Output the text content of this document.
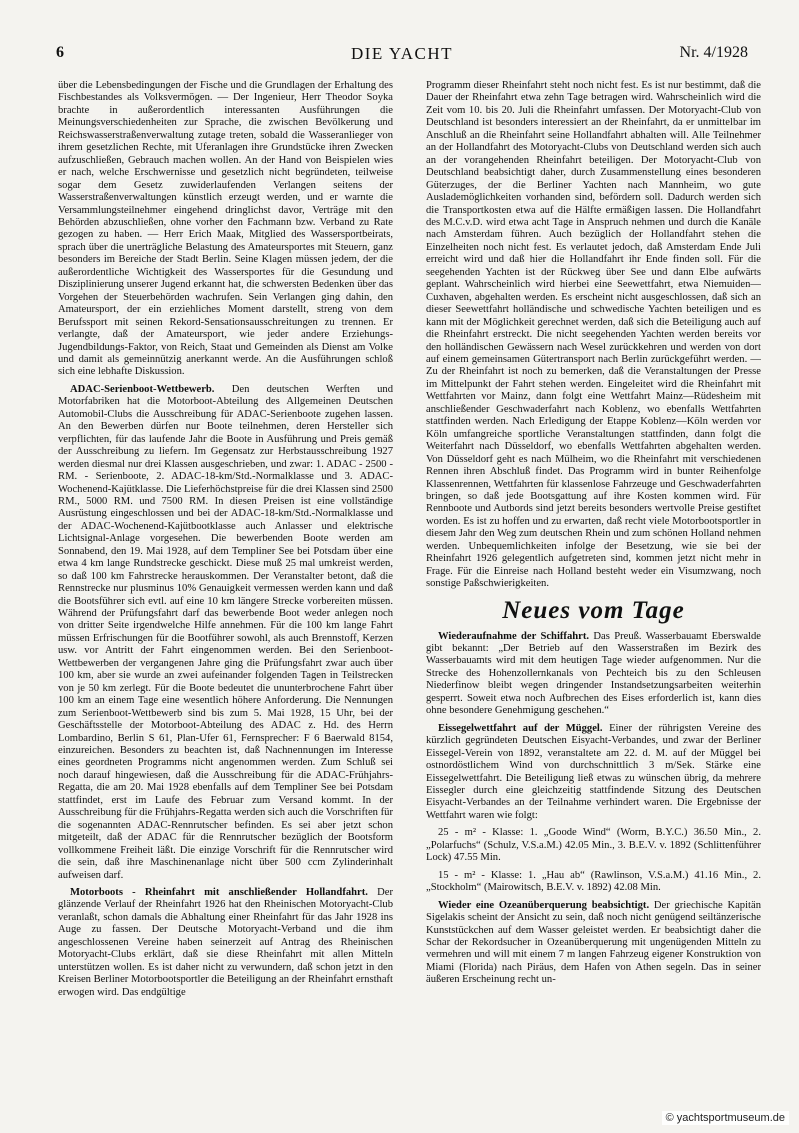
6	DIE YACHT	Nr. 4/1928

über die Lebensbedingungen der Fische und die Grundlagen der Erhaltung des Fischbestandes als Volksvermögen. — Der Ingenieur, Herr Theodor Soyka brachte in außerordentlich interessanten Ausführungen die Meinungsverschiedenheiten zur Sprache, die zwischen Bevölkerung und Reichswasserstraßenverwaltung zutage treten, sobald die Wasseranlieger von ihrem gesetzlichen Rechte, mit Uferanlagen ihre Grundstücke ihren Zwecken aufzuschließen, Gebrauch machen wollen. An der Hand von Beispielen wies er nach, welche Erschwernisse und gesetzlich nicht begründeten, teilweise sogar dem Gesetz zuwiderlaufenden Verlangen seitens der Wasserstraßenverwaltungen künstlich erzeugt werden, und er warnte die Versammlungsteilnehmer eingehend dringlichst davor, Verträge mit den Behörden abzuschließen, ohne vorher den Fachmann bzw. Verband zu Rate gezogen zu haben. — Herr Erich Maak, Mitglied des Wassersportbeirats, sprach über die unerträgliche Belastung des Amateursportes mit Steuern, ganz besonders im Bereiche der Stadt Berlin. Seine Klagen müssen jedem, der die außerordentliche Wichtigkeit des Wassersportes für die Gesundung und Disziplinierung unserer Jugend erkannt hat, die schwersten Bedenken über das Vorgehen der Steuerbehörden wachrufen. Sein Verlangen ging dahin, den Amateursport, der ein erziehliches Moment darstellt, streng von dem Berufssport mit seinen Rekord-Sensationsausschreitungen zu trennen. Er verlangte, daß der Amateursport, wie jeder andere Erziehungs-Jugendbildungs-Faktor, von Reich, Staat und Gemeinden als Dienst am Volke und damit als gemeinnützig anerkannt werde. An die Ausführungen schloß sich eine lebhafte Diskussion.

ADAC-Serienboot-Wettbewerb. Den deutschen Werften und Motorfabriken hat die Motorboot-Abteilung des Allgemeinen Deutschen Automobil-Clubs die Ausschreibung für ADAC-Serienboote zugehen lassen. An den Bewerben dürfen nur Boote teilnehmen, deren Hersteller sich verpflichten, für das laufende Jahr die Boote in Ausführung und Preis gemäß der Ausschreibung zu liefern. Im Gegensatz zur Herbstausschreibung 1927 werden diesmal nur drei Klassen ausgeschrieben, und zwar: 1. ADAC - 2500 - RM. - Serienboote, 2. ADAC-18-km/Std.-Normalklasse und 3. ADAC-Wochenend-Kajütklasse. Die Lieferhöchstpreise für die drei Klassen sind 2500 RM., 5000 RM. und 7500 RM. In diesen Preisen ist eine vollständige Ausrüstung eingeschlossen und bei der ADAC-18-km/Std.-Normalklasse und der ADAC-Wochenend-Kajütbootklasse auch Anlasser und elektrische Lichtsignal-Anlage vorgesehen. Die bewerbenden Boote werden am Sonnabend, den 19. Mai 1928, auf dem Templiner See bei Potsdam über eine etwa 4 km lange Rundstrecke geschickt. Diese muß 25 mal umkreist werden, so daß 100 km Fahrstrecke herauskommen. Der Veranstalter betont, daß die Rennstrecke nur plusminus 10% Genauigkeit vermessen werden kann und daß die Bootsführer sich evtl. auf eine 10 km längere Strecke vorbereiten müssen. Während der Prüfungsfahrt darf das bewerbende Boot weder anlegen noch von dritter Seite irgendwelche Hilfe annehmen. Für die 100 km lange Fahrt müssen Erfrischungen für die Bootführer sowohl, als auch Brennstoff, Kerzen usw. vor Antritt der Fahrt eingenommen werden. Bei den Serienboot-Wettbewerben der vergangenen Jahre ging die Prüfungsfahrt zwar auch über 100 km, aber sie wurde an zwei aufeinander folgenden Tagen in Teilstrecken von je 50 km zerlegt. Für die Boote bedeutet die ununterbrochene Fahrt über 100 km an einem Tage eine wesentlich höhere Anforderung. Die Nennungen zum Serienboot-Wettbewerb sind bis zum 5. Mai 1928, 15 Uhr, bei der Geschäftsstelle der Motorboot-Abteilung des ADAC z. Hd. des Herrn Lombardino, Berlin S 61, Plan-Ufer 61, Fernsprecher: F 6 Baerwald 8154, einzureichen. Besonders zu beachten ist, daß Nachnennungen im Interesse eines geordneten Programms nicht angenommen werden. Zum Schluß sei noch darauf hingewiesen, daß die Ausschreibung für die ADAC-Frühjahrs-Regatta, die am 20. Mai 1928 ebenfalls auf dem Templiner See bei Potsdam stattfindet, erst im Laufe des Februar zum Versand kommt. In der Ausschreibung für die Frühjahrs-Regatta werden sich auch die Vorschriften für die sogenannten ADAC-Rennrutscher befinden. Es sei aber jetzt schon mitgeteilt, daß der ADAC für die Rennrutscher bezüglich der Bootsform vollkommene Freiheit läßt. Die einzige Vorschrift für die Rennrutscher wird die sein, daß ihre Maschinenanlage nicht über 500 ccm Zylinderinhalt aufweisen darf.

Motorboots - Rheinfahrt mit anschließender Hollandfahrt. Der glänzende Verlauf der Rheinfahrt 1926 hat den Rheinischen Motoryacht-Club veranlaßt, schon damals die Abhaltung einer Rheinfahrt für das Jahr 1928 ins Auge zu fassen. Der Deutsche Motoryacht-Verband und die ihm angeschlossenen Vereine haben seinerzeit auf Antrag des Rheinischen Motoryacht-Clubs erklärt, daß sie diese Rheinfahrt mit allen Mitteln unterstützen wollen. Es ist daher nicht zu verwundern, daß schon jetzt in den Kreisen Berliner Motorbootsportler die Beteiligung an der Rheinfahrt ernsthaft erwogen wird. Das endgültige

Programm dieser Rheinfahrt steht noch nicht fest. Es ist nur bestimmt, daß die Dauer der Rheinfahrt etwa zehn Tage betragen wird. Wahrscheinlich wird die Zeit vom 10. bis 20. Juli die Rheinfahrt umfassen. Der Motoryacht-Club von Deutschland ist besonders interessiert an der Rheinfahrt, da er unmittelbar im Anschluß an die Rheinfahrt seine Hollandfahrt abhalten will. Alle Teilnehmer an der Hollandfahrt des Motoryacht-Clubs von Deutschland werden sich auch an der vorangehenden Rheinfahrt beteiligen. Der Motoryacht-Club von Deutschland beabsichtigt daher, durch Zusammenstellung eines besonderen Güterzuges, der die Berliner Yachten nach Mannheim, wo gute Auslademöglichkeiten vorhanden sind, befördern soll. Dadurch werden sich die Transportkosten etwa auf die Hälfte ermäßigen lassen. Die Hollandfahrt des M.C.v.D. wird etwa acht Tage in Anspruch nehmen und durch die Kanäle nach Amsterdam führen. Auch bezüglich der Hollandfahrt stehen die Einzelheiten noch nicht fest. Es verlautet jedoch, daß Amsterdam Ende Juli erreicht wird und daß hier die Hollandfahrt ihr Ende finden soll. Für die seegehenden Yachten ist der Rückweg über See und dann Elbe aufwärts geplant. Wahrscheinlich wird hierbei eine Seewettfahrt, etwa Niemuiden—Cuxhaven, abgehalten werden. Es erscheint nicht ausgeschlossen, daß sich an dieser Seewettfahrt holländische und schwedische Yachten beteiligen und es kann mit der Möglichkeit gerechnet werden, daß sich die Beteiligung auch auf die Rheinfahrt erstreckt. Die nicht seegehenden Yachten werden bereits vor den holländischen Gewässern nach Wesel zurückkehren und werden von dort auf einem gemeinsamen Gütertransport nach Berlin zurückgeführt werden. — Zu der Rheinfahrt ist noch zu bemerken, daß die Veranstaltungen der Presse im Mittelpunkt der Fahrt stehen werden. Eingeleitet wird die Rheinfahrt mit Wettfahrten vor Mainz, dann folgt eine Wettfahrt Mainz—Rüdesheim mit anschließender Geschwaderfahrt nach Koblenz, wo ebenfalls Wettfahrten stattfinden werden. Nach Erledigung der Etappe Koblenz—Köln werden vor Köln umfangreiche sportliche Veranstaltungen stattfinden, dann folgt die Weiterfahrt nach Düsseldorf, wo ebenfalls Wettfahrten abgehalten werden. Von Düsseldorf geht es nach Mülheim, wo die Rheinfahrt mit verschiedenen Rennen ihren Abschluß findet. Das Programm wird in bunter Reihenfolge Klassenrennen, Wettfahrten für klassenlose Fahrzeuge und Geschwaderfahrten bringen, so daß jede Bootsgattung auf ihre Kosten kommen wird. Für Rennboote und Autbords sind jetzt bereits besonders wertvolle Preise gestiftet worden. Es ist zu hoffen und zu erwarten, daß recht viele Motorbootsportler in diesem Jahr den Weg zum deutschen Rhein und zum schönen Holland nehmen werden. Unbequemlichkeiten infolge der Besetzung, wie sie bei der Rheinfahrt 1926 gelegentlich aufgetreten sind, kommen jetzt nicht mehr in Frage. Für die Einreise nach Holland besteht weder ein Visumzwang, noch sonstige Paßschwierigkeiten.

Neues vom Tage

Wiederaufnahme der Schiffahrt. Das Preuß. Wasserbauamt Eberswalde gibt bekannt: „Der Betrieb auf den Wasserstraßen im Bezirk des Wasserbauamts wird mit dem heutigen Tage wieder aufgenommen. Nur die Strecke des Hohenzollernkanals von Pechteich bis zu den Schleusen Niederfinow bleibt wegen dringender Instandsetzungsarbeiten weiterhin gesperrt. Soweit etwa noch Aufbrechen des Eises erforderlich ist, kann dies ohne besondere Genehmigung geschehen.“

Eissegelwettfahrt auf der Müggel. Einer der rührigsten Vereine des kürzlich gegründeten Deutschen Eisyacht-Verbandes, und zwar der Berliner Eissegel-Verein von 1892, veranstaltete am 22. d. M. auf der Müggel bei ostnordöstlichem Wind von durchschnittlich 3 m/Sek. Stärke eine Eissegelwettfahrt. Die Beteiligung ließ etwas zu wünschen übrig, da mehrere Eissegler durch eine gleichzeitig stattfindende Sitzung des Deutschen Eisyacht-Verbandes an der Teilnahme verhindert waren. Die Ergebnisse der Wettfahrt waren wie folgt:

25 - m² - Klasse: 1. „Goode Wind“ (Worm, B.Y.C.) 36.50 Min., 2. „Polarfuchs“ (Schulz, V.S.a.M.) 42.05 Min., 3. B.E.V. v. 1892 (Schlittenführer Lock) 47.55 Min.

15 - m² - Klasse: 1. „Hau ab“ (Rawlinson, V.S.a.M.) 41.16 Min., 2. „Stockholm“ (Mairowitsch, B.E.V. v. 1892) 42.08 Min.

Wieder eine Ozeanüberquerung beabsichtigt. Der griechische Kapitän Sigelakis scheint der Ansicht zu sein, daß noch nicht genügend seiltänzerische Kunststückchen auf dem Wasser geleistet werden. Er beabsichtigt daher die Schar der Rekordsucher in Ozeanüberquerung mit ungenügenden Mitteln zu vermehren und will mit einem 7 m langen Fahrzeug eigener Konstruktion von Miami (Florida) nach Piräus, dem Hafen von Athen segeln. Das in seiner äußeren Erscheinung recht un-

© yachtsportmuseum.de
